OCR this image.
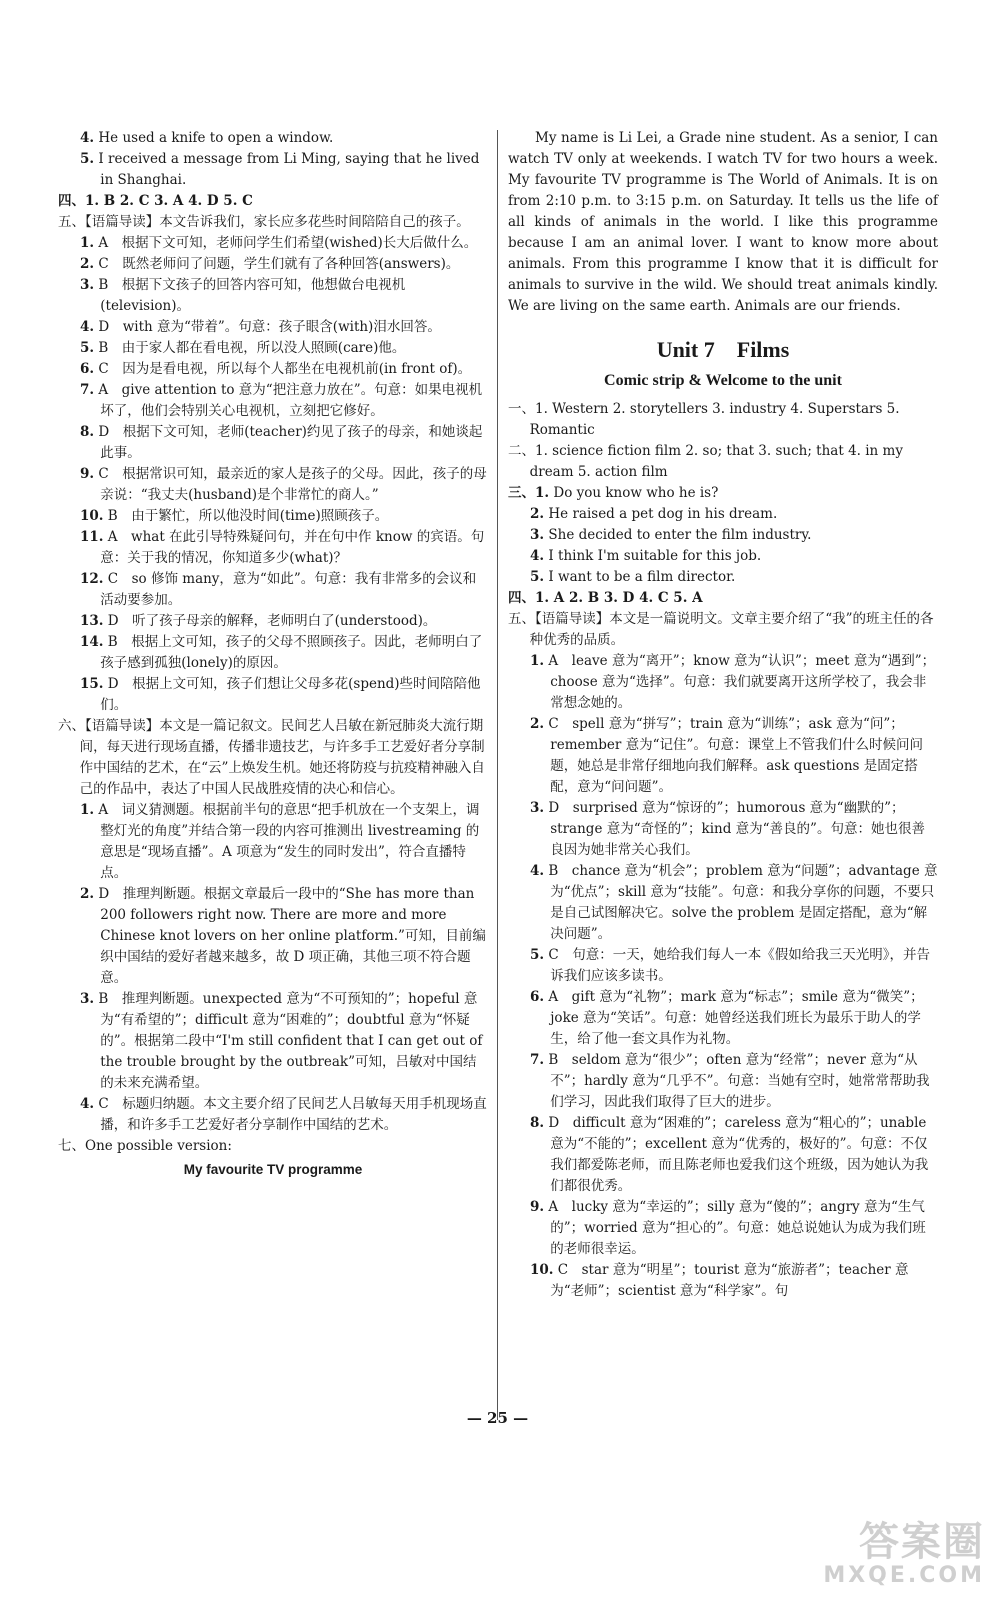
4. He used a knife to open a window.

5. I received a message from Li Ming, saying that he lived in Shanghai.

四、1. B 2. C 3. A 4. D 5. C

五、【语篇导读】本文告诉我们，家长应多花些时间陪陪自己的孩子。

1. A　根据下文可知，老师问学生们希望(wished)长大后做什么。

2. C　既然老师问了问题，学生们就有了各种回答(answers)。

3. B　根据下文孩子的回答内容可知，他想做台电视机(television)。

4. D　with 意为“带着”。句意：孩子眼含(with)泪水回答。

5. B　由于家人都在看电视，所以没人照顾(care)他。

6. C　因为是看电视，所以每个人都坐在电视机前(in front of)。

7. A　give attention to 意为“把注意力放在”。句意：如果电视机坏了，他们会特别关心电视机，立刻把它修好。

8. D　根据下文可知，老师(teacher)约见了孩子的母亲，和她谈起此事。

9. C　根据常识可知，最亲近的家人是孩子的父母。因此，孩子的母亲说：“我丈夫(husband)是个非常忙的商人。”

10. B　由于繁忙，所以他没时间(time)照顾孩子。

11. A　what 在此引导特殊疑问句，并在句中作 know 的宾语。句意：关于我的情况，你知道多少(what)？

12. C　so 修饰 many，意为“如此”。句意：我有非常多的会议和活动要参加。

13. D　听了孩子母亲的解释，老师明白了(understood)。

14. B　根据上文可知，孩子的父母不照顾孩子。因此，老师明白了孩子感到孤独(lonely)的原因。

15. D　根据上文可知，孩子们想让父母多花(spend)些时间陪陪他们。

六、【语篇导读】本文是一篇记叙文。民间艺人吕敏在新冠肺炎大流行期间，每天进行现场直播，传播非遗技艺，与许多手工艺爱好者分享制作中国结的艺术，在“云”上焕发生机。她还将防疫与抗疫精神融入自己的作品中，表达了中国人民战胜疫情的决心和信心。

1. A　词义猜测题。根据前半句的意思“把手机放在一个支架上，调整灯光的角度”并结合第一段的内容可推测出 livestreaming 的意思是“现场直播”。A 项意为“发生的同时发出”，符合直播特点。

2. D　推理判断题。根据文章最后一段中的“She has more than 200 followers right now. There are more and more Chinese knot lovers on her online platform.”可知，目前编织中国结的爱好者越来越多，故 D 项正确，其他三项不符合题意。

3. B　推理判断题。unexpected 意为“不可预知的”；hopeful 意为“有希望的”；difficult 意为“困难的”；doubtful 意为“怀疑的”。根据第二段中“I'm still confident that I can get out of the trouble brought by the outbreak”可知，吕敏对中国结的未来充满希望。

4. C　标题归纳题。本文主要介绍了民间艺人吕敏每天用手机现场直播，和许多手工艺爱好者分享制作中国结的艺术。

七、One possible version:

My favourite TV programme

My name is Li Lei, a Grade nine student. As a senior, I can watch TV only at weekends. I watch TV for two hours a week. My favourite TV programme is The World of Animals. It is on from 2:10 p.m. to 3:15 p.m. on Saturday. It tells us the life of all kinds of animals in the world. I like this programme because I am an animal lover. I want to know more about animals. From this programme I know that it is difficult for animals to survive in the wild. We should treat animals kindly. We are living on the same earth. Animals are our friends.

Unit 7　Films

Comic strip & Welcome to the unit

一、1. Western 2. storytellers 3. industry 4. Superstars 5. Romantic

二、1. science fiction film 2. so; that 3. such; that 4. in my dream 5. action film

三、1. Do you know who he is?

2. He raised a pet dog in his dream.

3. She decided to enter the film industry.

4. I think I'm suitable for this job.

5. I want to be a film director.

四、1. A 2. B 3. D 4. C 5. A

五、【语篇导读】本文是一篇说明文。文章主要介绍了“我”的班主任的各种优秀的品质。

1. A　leave 意为“离开”；know 意为“认识”；meet 意为“遇到”；choose 意为“选择”。句意：我们就要离开这所学校了，我会非常想念她的。

2. C　spell 意为“拼写”；train 意为“训练”；ask 意为“问”；remember 意为“记住”。句意：课堂上不管我们什么时候问问题，她总是非常仔细地向我们解释。ask questions 是固定搭配，意为“问问题”。

3. D　surprised 意为“惊讶的”；humorous 意为“幽默的”；strange 意为“奇怪的”；kind 意为“善良的”。句意：她也很善良因为她非常关心我们。

4. B　chance 意为“机会”；problem 意为“问题”；advantage 意为“优点”；skill 意为“技能”。句意：和我分享你的问题，不要只是自己试图解决它。solve the problem 是固定搭配，意为“解决问题”。

5. C　句意：一天，她给我们每人一本《假如给我三天光明》，并告诉我们应该多读书。

6. A　gift 意为“礼物”；mark 意为“标志”；smile 意为“微笑”；joke 意为“笑话”。句意：她曾经送我们班长为最乐于助人的学生，给了他一套文具作为礼物。

7. B　seldom 意为“很少”；often 意为“经常”；never 意为“从不”；hardly 意为“几乎不”。句意：当她有空时，她常常帮助我们学习，因此我们取得了巨大的进步。

8. D　difficult 意为“困难的”；careless 意为“粗心的”；unable 意为“不能的”；excellent 意为“优秀的，极好的”。句意：不仅我们都爱陈老师，而且陈老师也爱我们这个班级，因为她认为我们都很优秀。

9. A　lucky 意为“幸运的”；silly 意为“傻的”；angry 意为“生气的”；worried 意为“担心的”。句意：她总说她认为成为我们班的老师很幸运。

10. C　star 意为“明星”；tourist 意为“旅游者”；teacher 意为“老师”；scientist 意为“科学家”。句

— 25 —
答案圈
MXQE.COM
